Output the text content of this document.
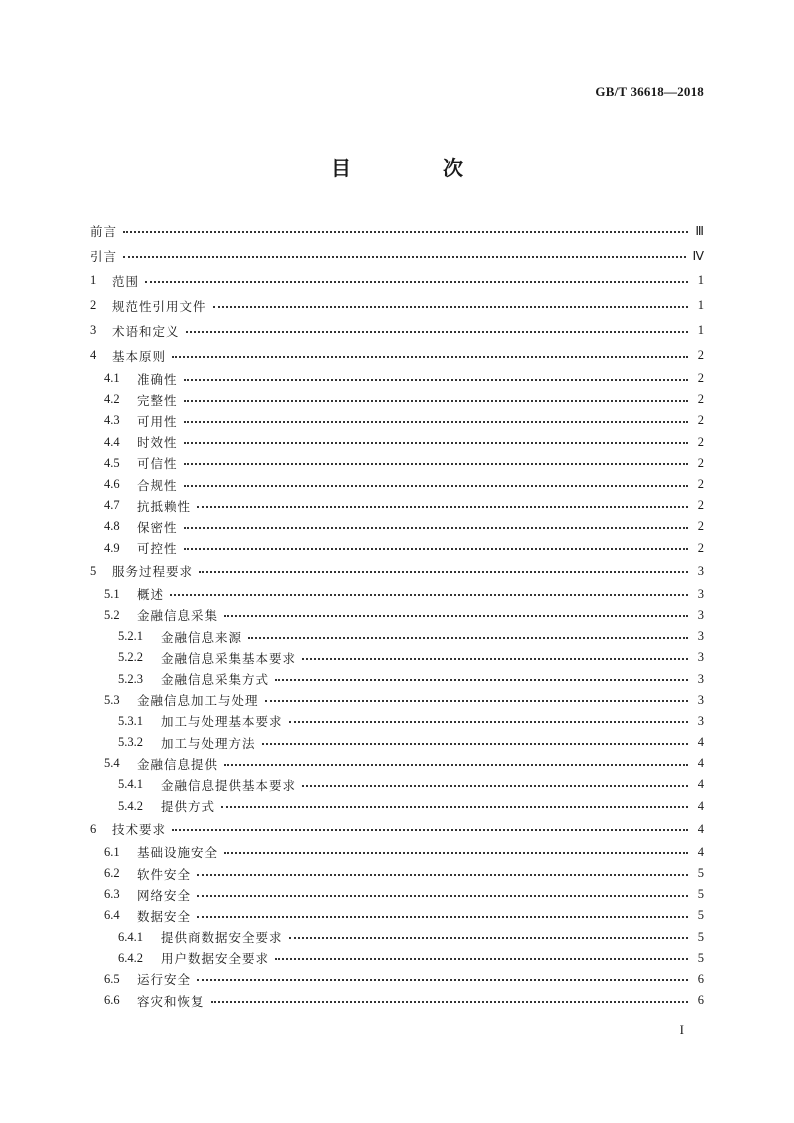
GB/T 36618—2018
目　次
前言	Ⅲ
引言	Ⅳ
1	范围	1
2	规范性引用文件	1
3	术语和定义	1
4	基本原则	2
4.1	准确性	2
4.2	完整性	2
4.3	可用性	2
4.4	时效性	2
4.5	可信性	2
4.6	合规性	2
4.7	抗抵赖性	2
4.8	保密性	2
4.9	可控性	2
5	服务过程要求	3
5.1	概述	3
5.2	金融信息采集	3
5.2.1	金融信息来源	3
5.2.2	金融信息采集基本要求	3
5.2.3	金融信息采集方式	3
5.3	金融信息加工与处理	3
5.3.1	加工与处理基本要求	3
5.3.2	加工与处理方法	4
5.4	金融信息提供	4
5.4.1	金融信息提供基本要求	4
5.4.2	提供方式	4
6	技术要求	4
6.1	基础设施安全	4
6.2	软件安全	5
6.3	网络安全	5
6.4	数据安全	5
6.4.1	提供商数据安全要求	5
6.4.2	用户数据安全要求	5
6.5	运行安全	6
6.6	容灾和恢复	6
I
